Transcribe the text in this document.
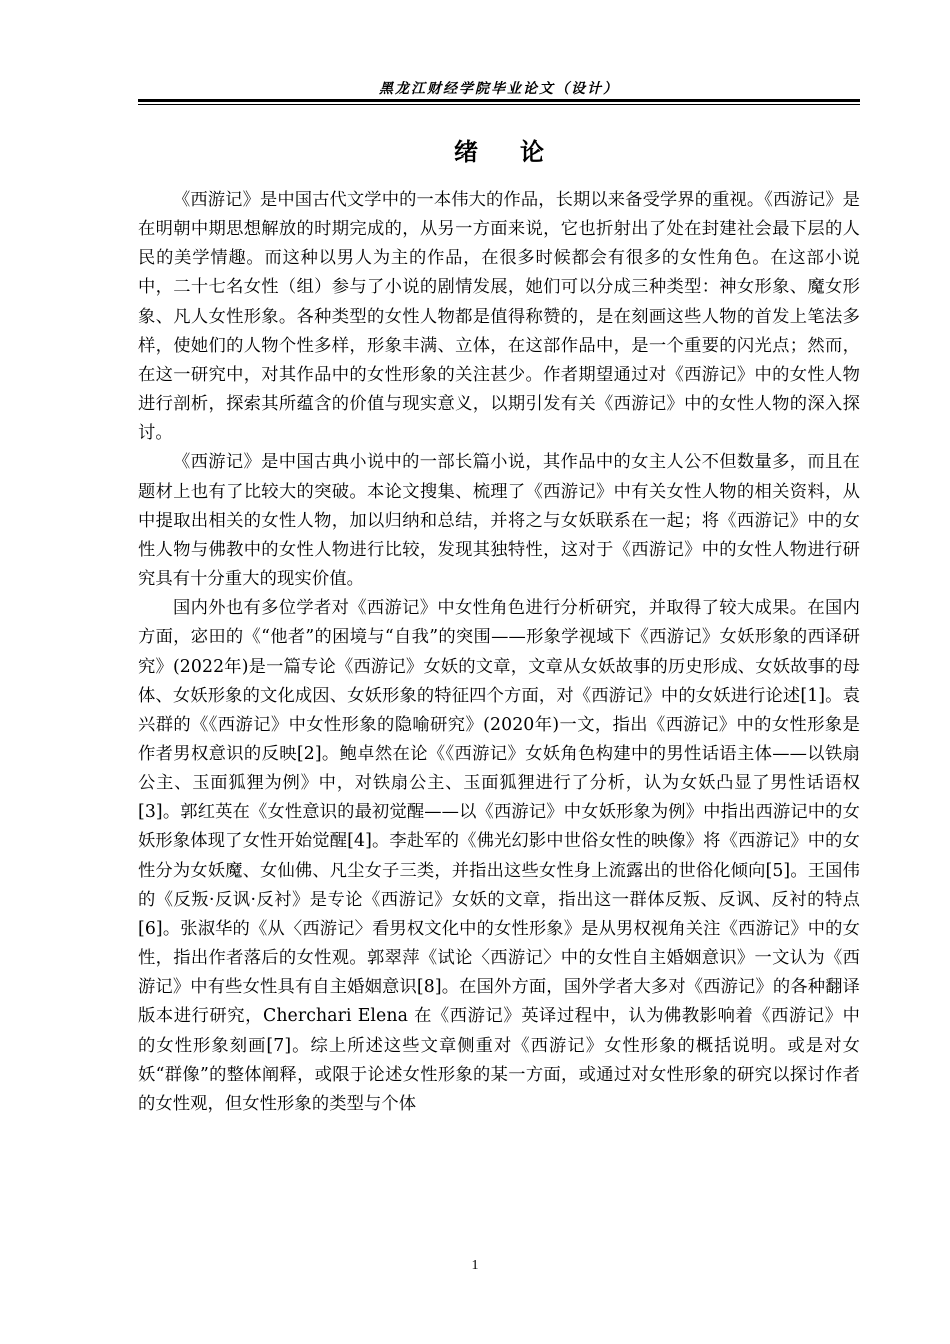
黑龙江财经学院毕业论文（设计）
绪论

《西游记》是中国古代文学中的一本伟大的作品，长期以来备受学界的重视。《西游记》是在明朝中期思想解放的时期完成的，从另一方面来说，它也折射出了处在封建社会最下层的人民的美学情趣。而这种以男人为主的作品，在很多时候都会有很多的女性角色。在这部小说中，二十七名女性（组）参与了小说的剧情发展，她们可以分成三种类型：神女形象、魔女形象、凡人女性形象。各种类型的女性人物都是值得称赞的，是在刻画这些人物的首发上笔法多样，使她们的人物个性多样，形象丰满、立体，在这部作品中，是一个重要的闪光点；然而，在这一研究中，对其作品中的女性形象的关注甚少。作者期望通过对《西游记》中的女性人物进行剖析，探索其所蕴含的价值与现实意义，以期引发有关《西游记》中的女性人物的深入探讨。

《西游记》是中国古典小说中的一部长篇小说，其作品中的女主人公不但数量多，而且在题材上也有了比较大的突破。本论文搜集、梳理了《西游记》中有关女性人物的相关资料，从中提取出相关的女性人物，加以归纳和总结，并将之与女妖联系在一起；将《西游记》中的女性人物与佛教中的女性人物进行比较，发现其独特性，这对于《西游记》中的女性人物进行研究具有十分重大的现实价值。

国内外也有多位学者对《西游记》中女性角色进行分析研究，并取得了较大成果。在国内方面，宓田的《“他者”的困境与“自我”的突围——形象学视域下《西游记》女妖形象的西译研究》(2022年)是一篇专论《西游记》女妖的文章，文章从女妖故事的历史形成、女妖故事的母体、女妖形象的文化成因、女妖形象的特征四个方面，对《西游记》中的女妖进行论述[1]。袁兴群的《《西游记》中女性形象的隐喻研究》(2020年)一文，指出《西游记》中的女性形象是作者男权意识的反映[2]。鲍卓然在论《《西游记》女妖角色构建中的男性话语主体——以铁扇公主、玉面狐狸为例》中，对铁扇公主、玉面狐狸进行了分析，认为女妖凸显了男性话语权[3]。郭红英在《女性意识的最初觉醒——以《西游记》中女妖形象为例》中指出西游记中的女妖形象体现了女性开始觉醒[4]。李赴军的《佛光幻影中世俗女性的映像》将《西游记》中的女性分为女妖魔、女仙佛、凡尘女子三类，并指出这些女性身上流露出的世俗化倾向[5]。王国伟的《反叛·反讽·反衬》是专论《西游记》女妖的文章，指出这一群体反叛、反讽、反衬的特点[6]。张淑华的《从〈西游记〉看男权文化中的女性形象》是从男权视角关注《西游记》中的女性，指出作者落后的女性观。郭翠萍《试论〈西游记〉中的女性自主婚姻意识》一文认为《西游记》中有些女性具有自主婚姻意识[8]。在国外方面，国外学者大多对《西游记》的各种翻译版本进行研究，Cherchari Elena 在《西游记》英译过程中，认为佛教影响着《西游记》中的女性形象刻画[7]。综上所述这些文章侧重对《西游记》女性形象的概括说明。或是对女妖“群像”的整体阐释，或限于论述女性形象的某一方面，或通过对女性形象的研究以探讨作者的女性观，但女性形象的类型与个体

1
